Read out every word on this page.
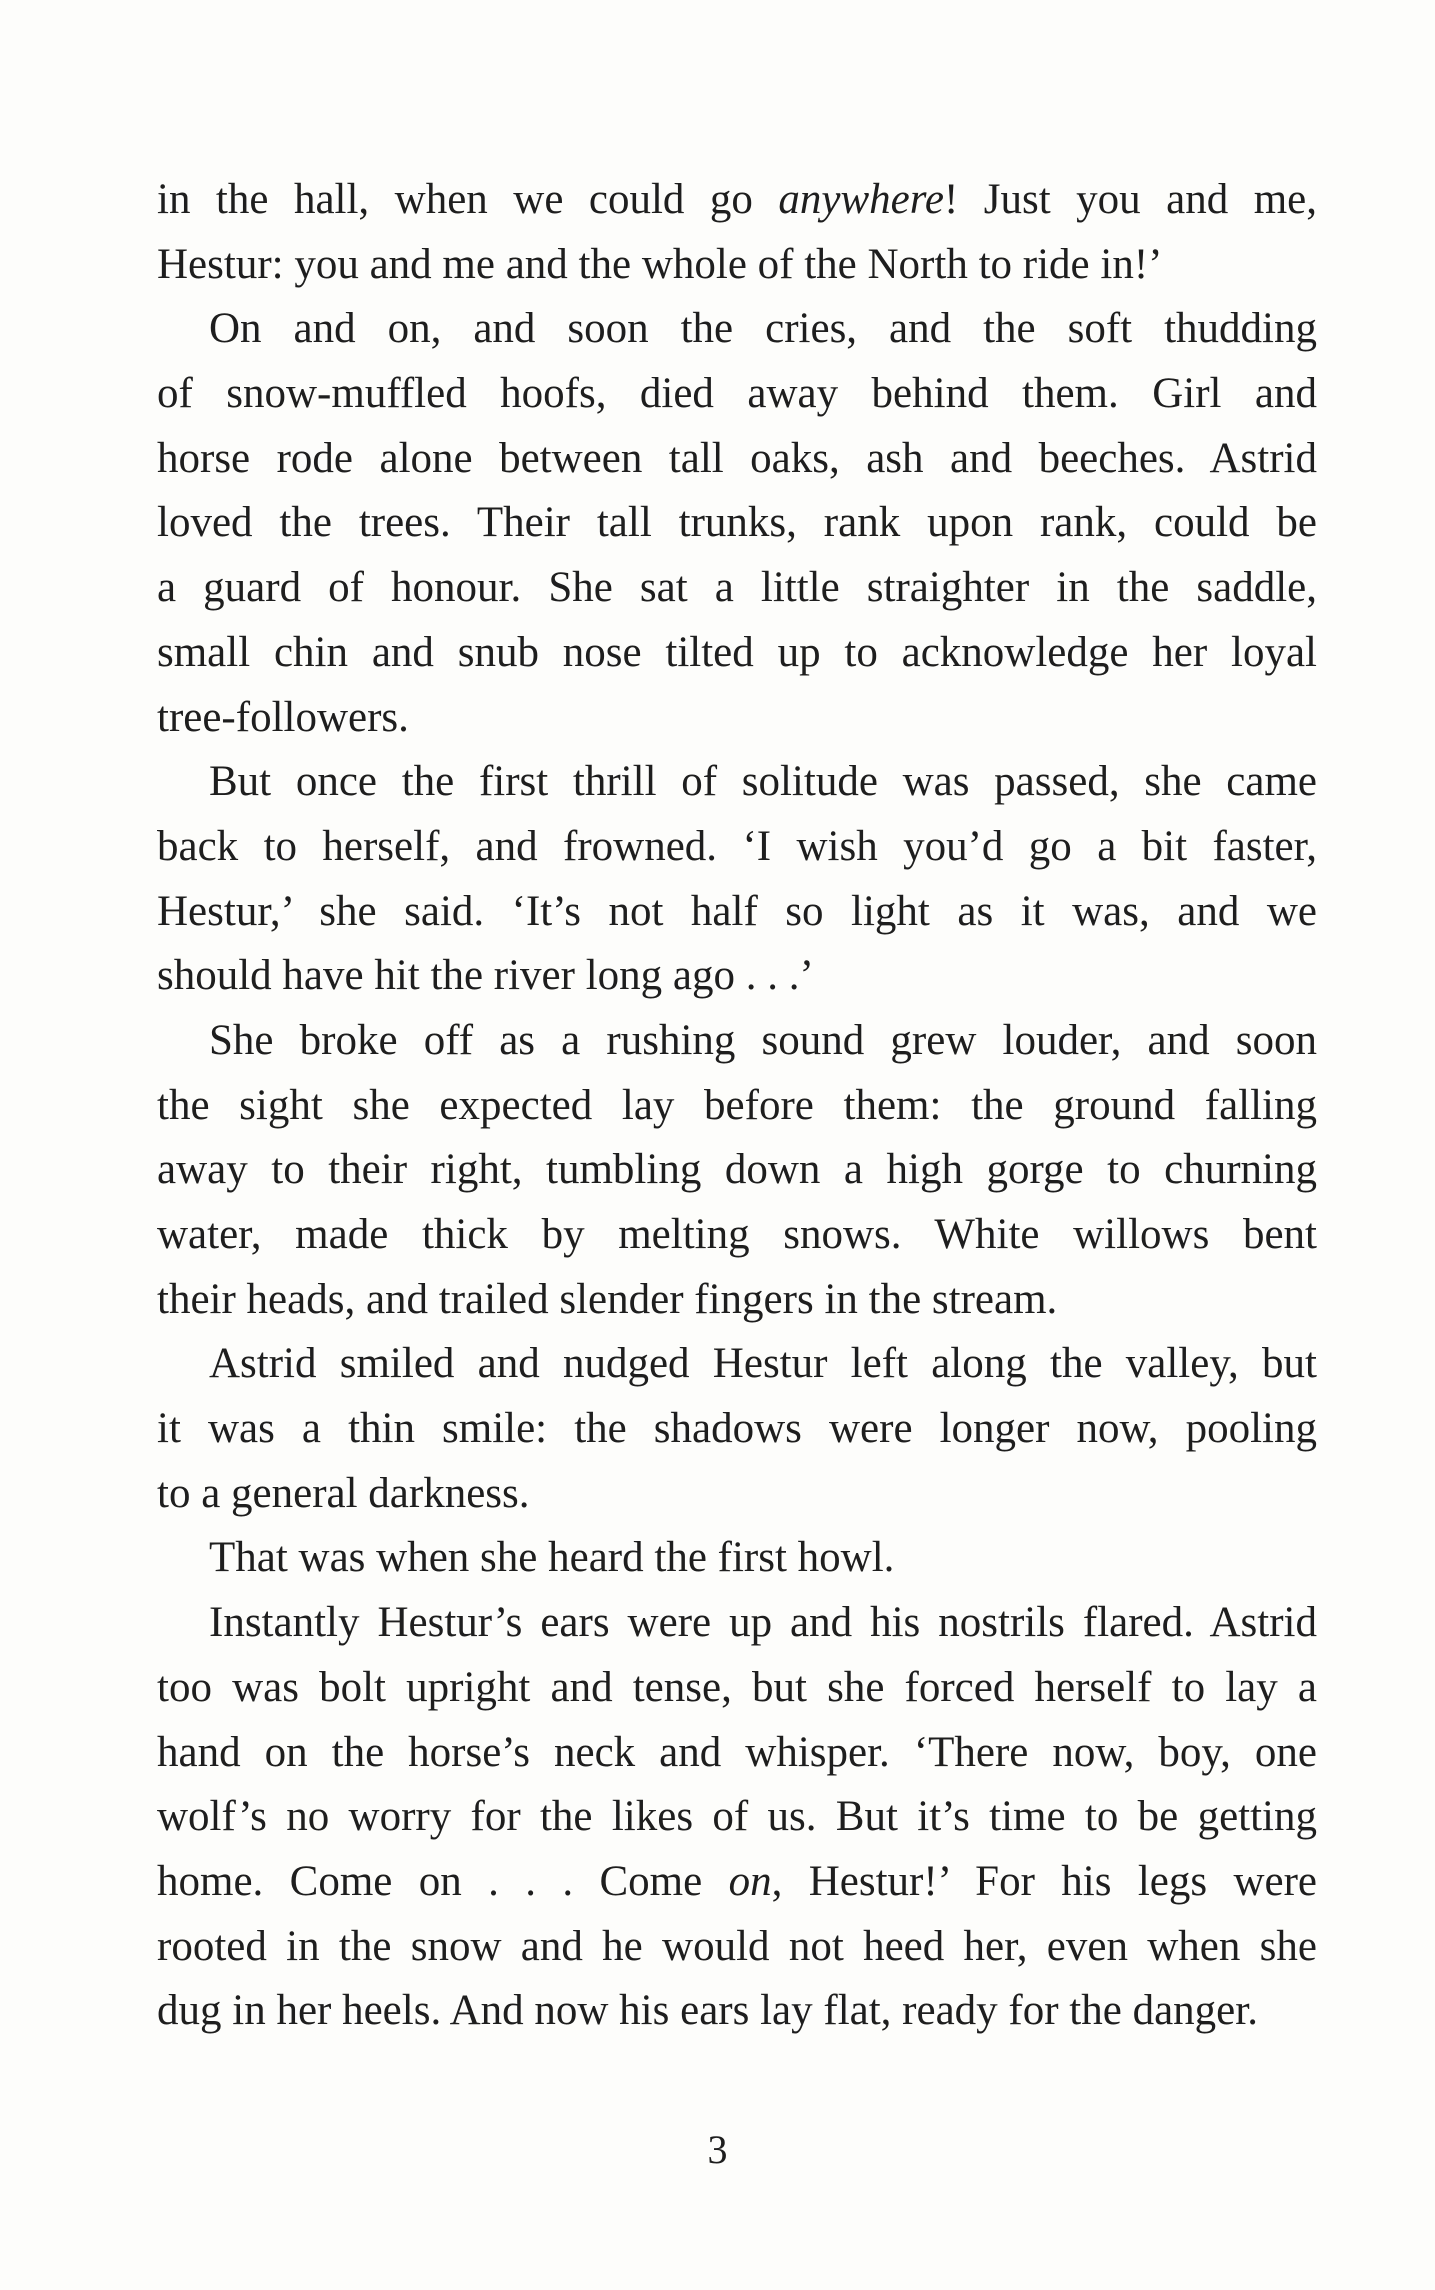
in the hall, when we could go anywhere! Just you and me,
Hestur: you and me and the whole of the North to ride in!’
On and on, and soon the cries, and the soft thudding
of snow-muffled hoofs, died away behind them. Girl and
horse rode alone between tall oaks, ash and beeches. Astrid
loved the trees. Their tall trunks, rank upon rank, could be
a guard of honour. She sat a little straighter in the saddle,
small chin and snub nose tilted up to acknowledge her loyal
tree-followers.
But once the first thrill of solitude was passed, she came
back to herself, and frowned. ‘I wish you’d go a bit faster,
Hestur,’ she said. ‘It’s not half so light as it was, and we
should have hit the river long ago . . .’
She broke off as a rushing sound grew louder, and soon
the sight she expected lay before them: the ground falling
away to their right, tumbling down a high gorge to churning
water, made thick by melting snows. White willows bent
their heads, and trailed slender fingers in the stream.
Astrid smiled and nudged Hestur left along the valley, but
it was a thin smile: the shadows were longer now, pooling
to a general darkness.
That was when she heard the first howl.
Instantly Hestur’s ears were up and his nostrils flared. Astrid
too was bolt upright and tense, but she forced herself to lay a
hand on the horse’s neck and whisper. ‘There now, boy, one
wolf’s no worry for the likes of us. But it’s time to be getting
home. Come on . . . Come on, Hestur!’ For his legs were
rooted in the snow and he would not heed her, even when she
dug in her heels. And now his ears lay flat, ready for the danger.
3
